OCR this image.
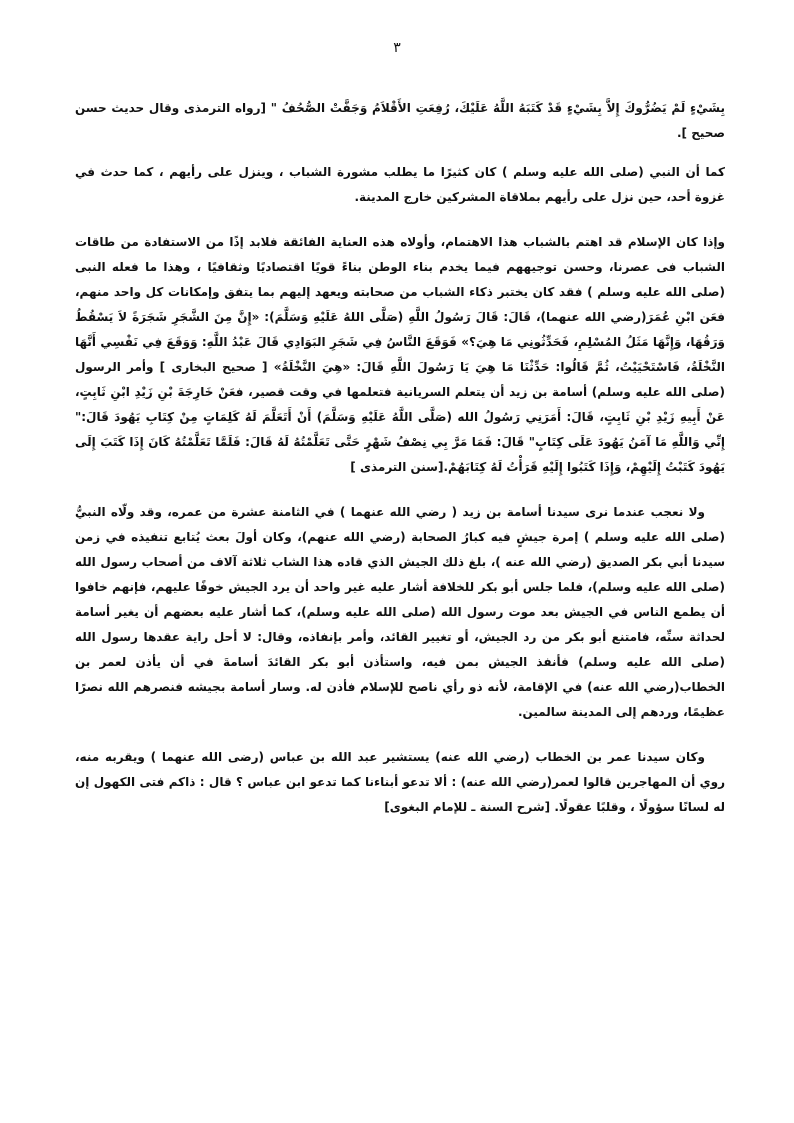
٣

بِشَيْءٍ لَمْ يَضُرُّوكَ إِلاَّ بِشَيْءٍ قَدْ كَتَبَهُ اللَّهُ عَلَيْكَ، رُفِعَتِ الأَقْلاَمُ وَجَفَّتْ الصُّحُفُ " [رواه الترمذى وقال حديث حسن صحيح ].

كما أن النبي (صلى الله عليه وسلم ) كان كثيرًا ما يطلب مشورة الشباب ، وينزل على رأيهم ، كما حدث في غزوة أحد، حين نزل على رأيهم بملاقاة المشركين خارج المدينة.

وإذا كان الإسلام قد اهتم بالشباب هذا الاهتمام، وأولاه هذه العناية الفائقة فلابد إذًا من الاستفادة من طاقات الشباب فى عصرنا، وحسن توجيههم فيما يخدم بناء الوطن بناءً قويًا اقتصاديًا وثقافيًا ، وهذا ما فعله النبى (صلى الله عليه وسلم ) فقد كان يختبر ذكاء الشباب من صحابته ويعهد إليهم بما يتفق وإمكانات كل واحد منهم، فعَن ابْنِ عُمَرَ(رضي الله عنهما)، قَالَ: قَالَ رَسُولُ اللَّهِ (صَلَّى اللهُ عَلَيْهِ وَسَلَّمَ): «إِنَّ مِنَ الشَّجَرِ شَجَرَةً لاَ يَسْقُطُ وَرَقُهَا، وَإِنَّهَا مَثَلُ المُسْلِمِ، فَحَدِّثُونِي مَا هِيَ؟» فَوَقَعَ النَّاسُ فِي شَجَرِ البَوَادِي قَالَ عَبْدُ اللَّهِ: وَوَقَعَ فِي نَفْسِي أَنَّهَا النَّخْلَةُ، فَاسْتَحْيَيْتُ، ثُمَّ قَالُوا: حَدِّثْنَا مَا هِيَ يَا رَسُولَ اللَّهِ قَالَ: «هِيَ النَّخْلَةُ» [ صحيح البخارى ] وأمر الرسول (صلى الله عليه وسلم) أسامة بن زيد أن يتعلم السريانية فتعلمها في وقت قصير، فعَنْ خَارِجَةَ بْنِ زَيْدِ ابْنِ ثَابِتٍ، عَنْ أَبِيهِ زَيْدِ بْنِ ثَابِتٍ، قَالَ: أَمَرَنِي رَسُولُ الله (صَلَّى اللَّهُ عَلَيْهِ وَسَلَّمَ) أَنْ أَتَعَلَّمَ لَهُ كَلِمَاتٍ مِنْ كِتَابِ يَهُودَ قَالَ:" إِنِّي وَاللَّهِ مَا آمَنُ يَهُودَ عَلَى كِتَابٍ" قَالَ: فَمَا مَرَّ بِي نِصْفُ شَهْرٍ حَتَّى تَعَلَّمْتُهُ لَهُ قَالَ: فَلَمَّا تَعَلَّمْتُهُ كَانَ إِذَا كَتَبَ إِلَى يَهُودَ كَتَبْتُ إِلَيْهِمْ، وَإِذَا كَتَبُوا إِلَيْهِ قَرَأْتُ لَهُ كِتَابَهُمْ.[سنن الترمذى ]

ولا نعجب عندما نرى سيدنا أسامة بن زيد ( رضي الله عنهما ) في الثامنة عشرة من عمره، وقد ولّاه النبيُّ (صلى الله عليه وسلم ) إمرة جيشٍ فيه كبارُ الصحابة (رضي الله عنهم)، وكان أولَ بعث يُتابع تنفيذه في زمن سيدنا أبي بكر الصديق (رضي الله عنه )، بلغ ذلك الجيش الذي قاده هذا الشاب ثلاثة آلاف من أصحاب رسول الله (صلى الله عليه وسلم)، فلما جلس أبو بكر للخلافة أشار عليه غير واحد أن يرد الجيش خوفًا عليهم، فإنهم خافوا أن يطمع الناس في الجيش بعد موت رسول الله (صلى الله عليه وسلم)، كما أشار عليه بعضهم أن يغير أسامة لحداثة سنِّه، فامتنع أبو بكر من رد الجيش، أو تغيير القائد، وأمر بإنفاذه، وقال: لا أحل راية عقدها رسول الله (صلى الله عليه وسلم) فأنفذ الجيش بمن فيه، واستأذن أبو بكر القائدَ أسامةَ في أن يأذن لعمر بن الخطاب(رضي الله عنه) في الإقامة، لأنه ذو رأي ناصح للإسلام فأذن له. وسار أسامة بجيشه فنصرهم الله نصرًا عظيمًا، وردهم إلى المدينة سالمين.

وكان سيدنا عمر بن الخطاب (رضي الله عنه) يستشير عبد الله بن عباس (رضى الله عنهما ) ويقربه منه، روي أن المهاجرين قالوا لعمر(رضي الله عنه) : ألا تدعو أبناءنا كما تدعو ابن عباس ؟ قال : ذاكم فتى الكهول إن له لسانًا سؤولًا ، وقلبًا عقولًا. [شرح السنة ـ للإمام البغوى]
